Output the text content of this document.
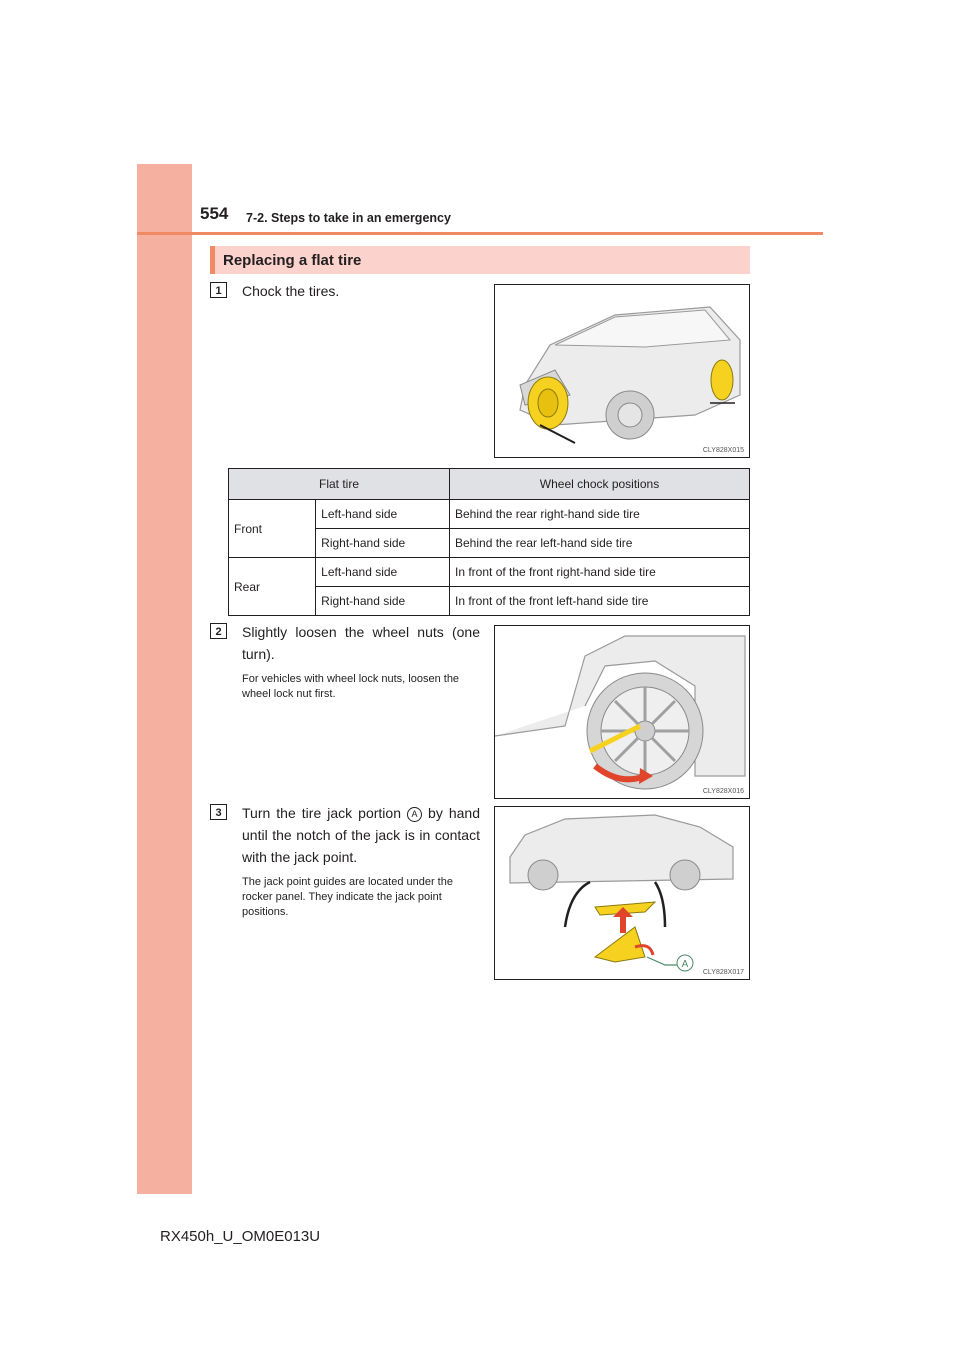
554 7-2. Steps to take in an emergency
Replacing a flat tire
1	Chock the tires.
CLY828X015
Flat tire		Wheel chock positions
Front	Left-hand side	Behind the rear right-hand side tire
	Right-hand side	Behind the rear left-hand side tire
Rear	Left-hand side	In front of the front right-hand side tire
	Right-hand side	In front of the front left-hand side tire
2	Slightly loosen the wheel nuts (one turn).
For vehicles with wheel lock nuts, loosen the wheel lock nut first.
CLY828X016
3	Turn the tire jack portion A by hand until the notch of the jack is in contact with the jack point.
The jack point guides are located under the rocker panel. They indicate the jack point positions.
A
CLY828X017
RX450h_U_OM0E013U
